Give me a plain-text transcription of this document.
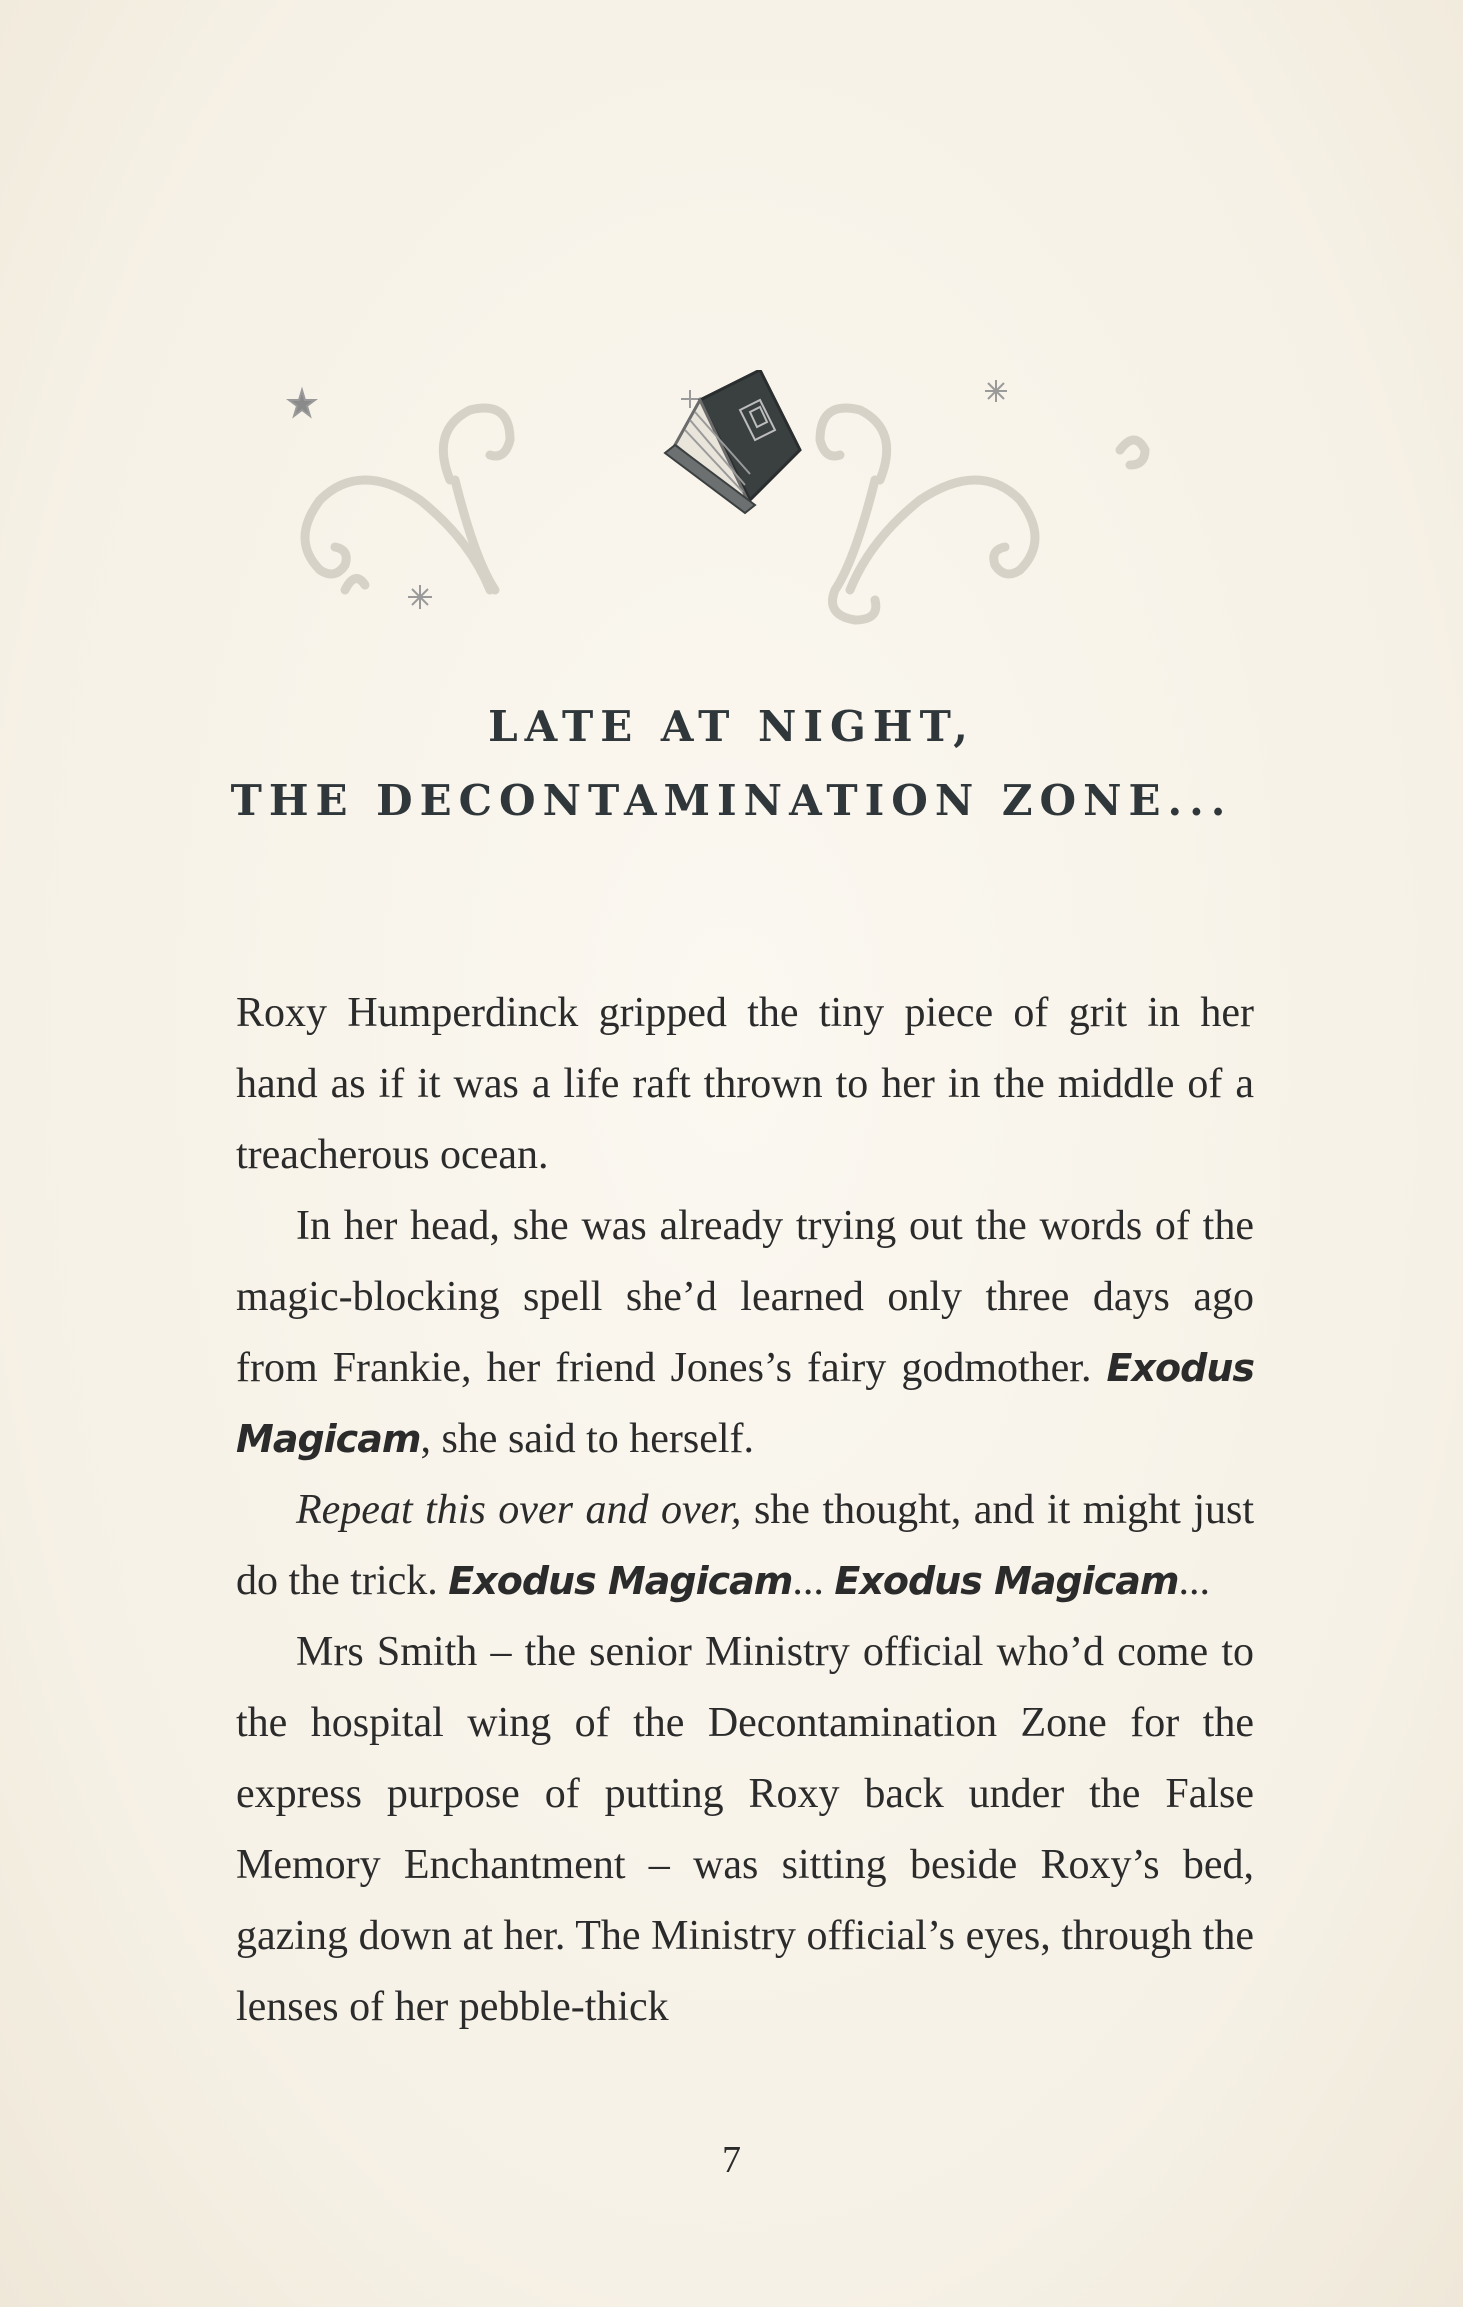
LATE AT NIGHT,
THE DECONTAMINATION ZONE...

Roxy Humperdinck gripped the tiny piece of grit in her hand as if it was a life raft thrown to her in the middle of a treacherous ocean.

In her head, she was already trying out the words of the magic-blocking spell she’d learned only three days ago from Frankie, her friend Jones’s fairy godmother. Exodus Magicam, she said to herself.

Repeat this over and over, she thought, and it might just do the trick. Exodus Magicam... Exodus Magicam...

Mrs Smith – the senior Ministry official who’d come to the hospital wing of the Decontamination Zone for the express purpose of putting Roxy back under the False Memory Enchantment – was sitting beside Roxy’s bed, gazing down at her. The Ministry official’s eyes, through the lenses of her pebble-thick

7
